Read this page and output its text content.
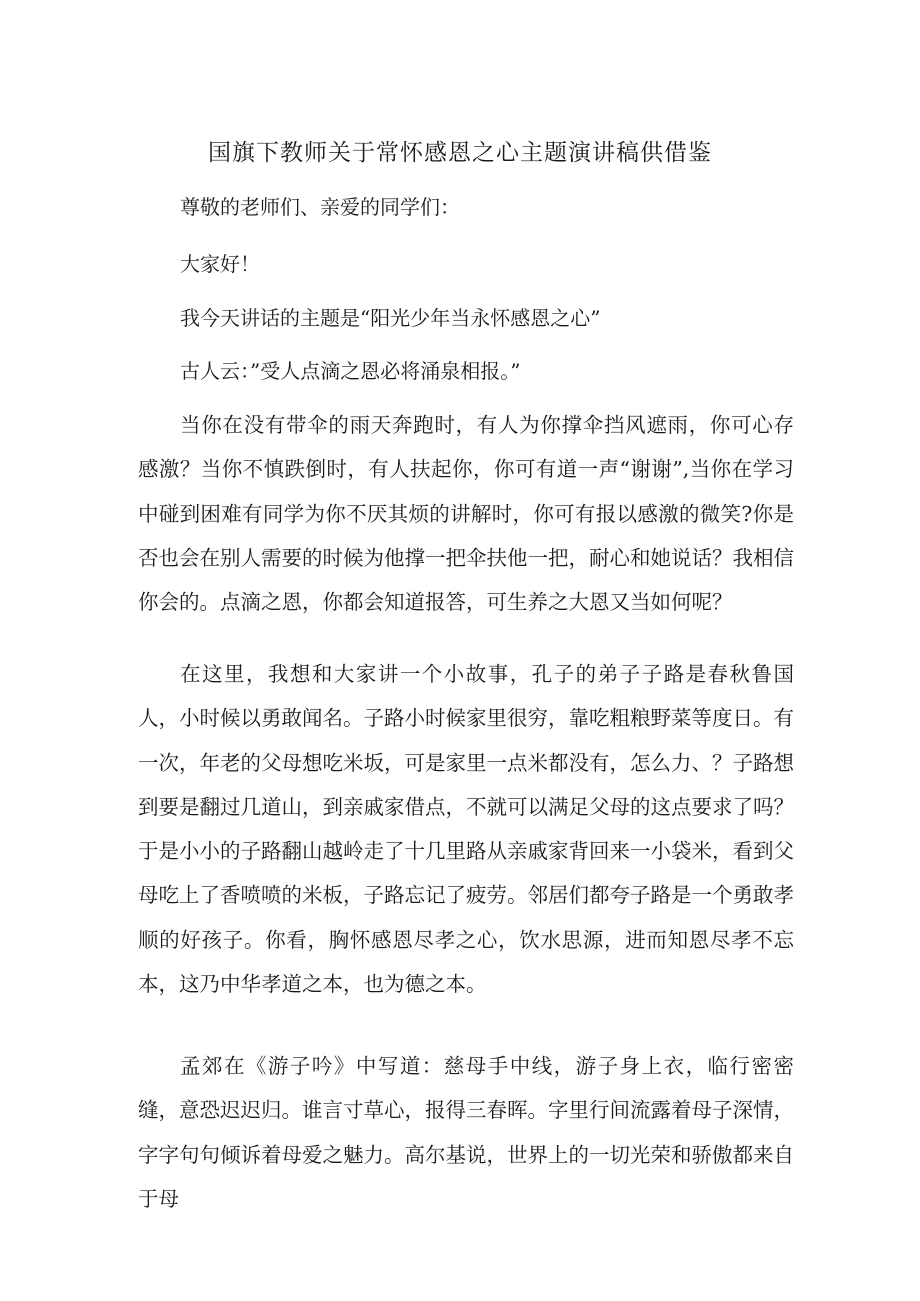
国旗下教师关于常怀感恩之心主题演讲稿供借鉴

尊敬的老师们、亲爱的同学们：

大家好！

我今天讲话的主题是“阳光少年当永怀感恩之心”

古人云：”受人点滴之恩必将涌泉相报。”

当你在没有带伞的雨天奔跑时，有人为你撑伞挡风遮雨，你可心存感激？当你不慎跌倒时，有人扶起你，你可有道一声“谢谢”,当你在学习中碰到困难有同学为你不厌其烦的讲解时，你可有报以感激的微笑?你是否也会在别人需要的时候为他撑一把伞扶他一把，耐心和她说话？我相信你会的。点滴之恩，你都会知道报答，可生养之大恩又当如何呢？

在这里，我想和大家讲一个小故事，孔子的弟子子路是春秋鲁国人，小时候以勇敢闻名。子路小时候家里很穷，靠吃粗粮野菜等度日。有一次，年老的父母想吃米坂，可是家里一点米都没有，怎么力、？子路想到要是翻过几道山，到亲戚家借点，不就可以满足父母的这点要求了吗？于是小小的子路翻山越岭走了十几里路从亲戚家背回来一小袋米，看到父母吃上了香喷喷的米板，子路忘记了疲劳。邻居们都夸子路是一个勇敢孝顺的好孩子。你看，胸怀感恩尽孝之心，饮水思源，进而知恩尽孝不忘本，这乃中华孝道之本，也为德之本。

孟郊在《游子吟》中写道：慈母手中线，游子身上衣，临行密密缝，意恐迟迟归。谁言寸草心，报得三春晖。字里行间流露着母子深情，字字句句倾诉着母爱之魅力。高尔基说，世界上的一切光荣和骄傲都来自于母
